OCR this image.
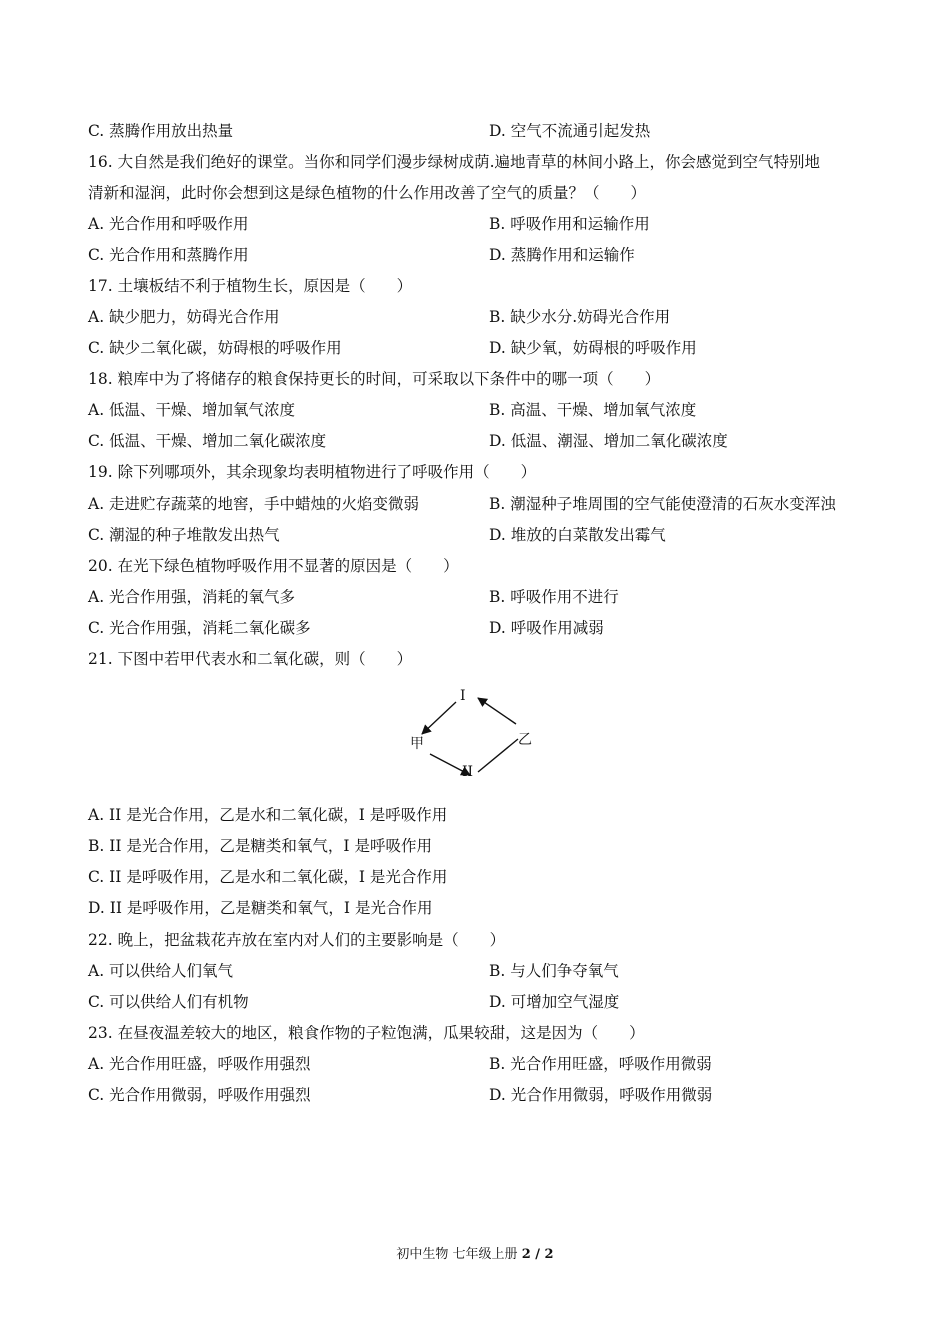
C. 蒸腾作用放出热量	D. 空气不流通引起发热
16. 大自然是我们绝好的课堂。当你和同学们漫步绿树成荫.遍地青草的林间小路上，你会感觉到空气特别地
清新和湿润，此时你会想到这是绿色植物的什么作用改善了空气的质量？（　　）
A. 光合作用和呼吸作用	B. 呼吸作用和运输作用
C. 光合作用和蒸腾作用	D. 蒸腾作用和运输作
17. 土壤板结不利于植物生长，原因是（　　）
A. 缺少肥力，妨碍光合作用	B. 缺少水分.妨碍光合作用
C. 缺少二氧化碳，妨碍根的呼吸作用	D. 缺少氧，妨碍根的呼吸作用
18. 粮库中为了将储存的粮食保持更长的时间，可采取以下条件中的哪一项（　　）
A. 低温、干燥、增加氧气浓度	B. 高温、干燥、增加氧气浓度
C. 低温、干燥、增加二氧化碳浓度	D. 低温、潮湿、增加二氧化碳浓度
19. 除下列哪项外，其余现象均表明植物进行了呼吸作用（　　）
A. 走进贮存蔬菜的地窖，手中蜡烛的火焰变微弱	B. 潮湿种子堆周围的空气能使澄清的石灰水变浑浊
C. 潮湿的种子堆散发出热气	D. 堆放的白菜散发出霉气
20. 在光下绿色植物呼吸作用不显著的原因是（　　）
A. 光合作用强，消耗的氧气多	B. 呼吸作用不进行
C. 光合作用强，消耗二氧化碳多	D. 呼吸作用减弱
21. 下图中若甲代表水和二氧化碳，则（　　）
I
甲	乙
II
A. II 是光合作用，乙是水和二氧化碳，I 是呼吸作用
B. II 是光合作用，乙是糖类和氧气，I 是呼吸作用
C. II 是呼吸作用，乙是水和二氧化碳，I 是光合作用
D. II 是呼吸作用，乙是糖类和氧气，I 是光合作用
22. 晚上，把盆栽花卉放在室内对人们的主要影响是（　　）
A. 可以供给人们氧气	B. 与人们争夺氧气
C. 可以供给人们有机物	D. 可增加空气湿度
23. 在昼夜温差较大的地区，粮食作物的子粒饱满，瓜果较甜，这是因为（　　）
A. 光合作用旺盛，呼吸作用强烈	B. 光合作用旺盛，呼吸作用微弱
C. 光合作用微弱，呼吸作用强烈	D. 光合作用微弱，呼吸作用微弱
初中生物 七年级上册 2 / 2
